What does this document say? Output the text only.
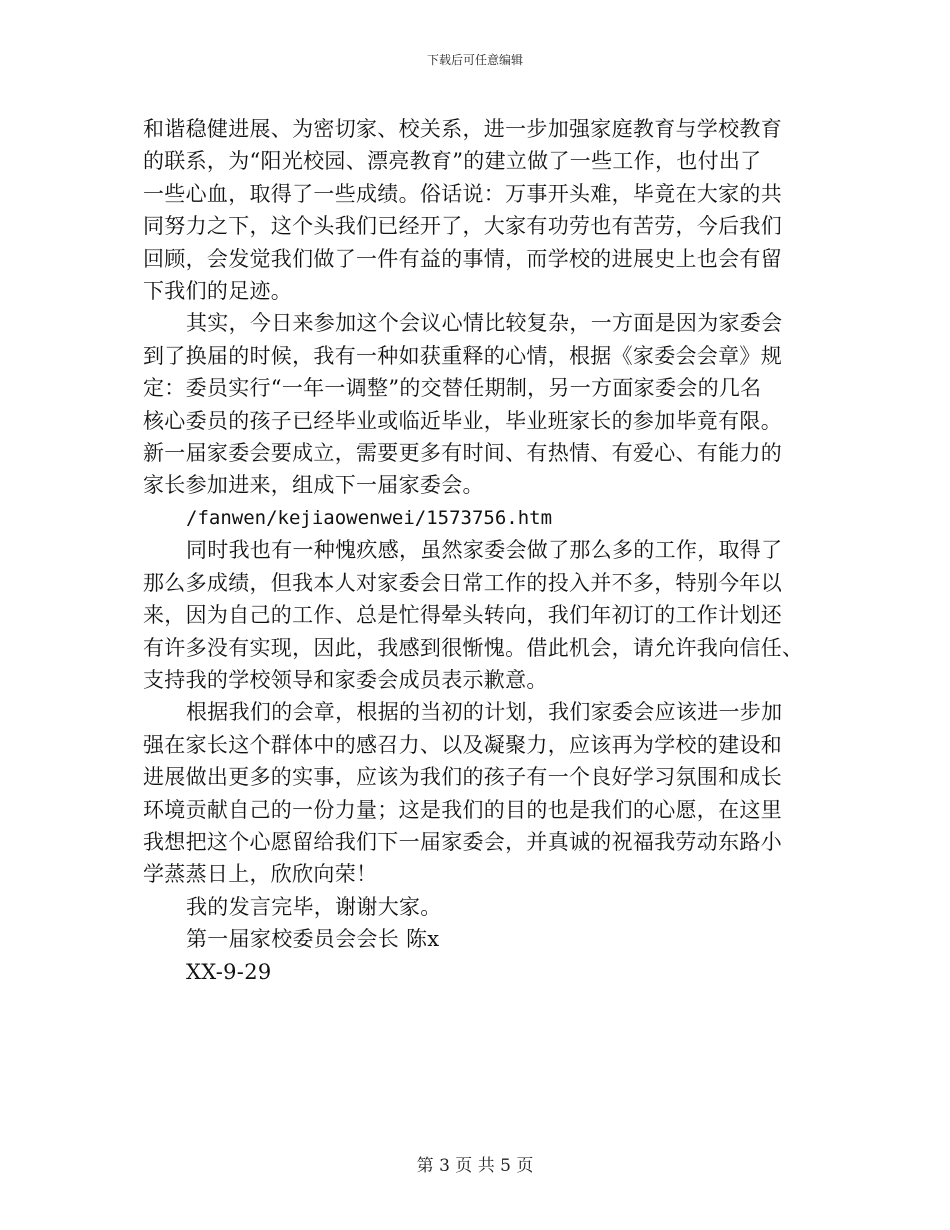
下载后可任意编辑
和谐稳健进展、为密切家、校关系，进一步加强家庭教育与学校教育
的联系，为“阳光校园、漂亮教育”的建立做了一些工作，也付出了
一些心血，取得了一些成绩。俗话说：万事开头难，毕竟在大家的共
同努力之下，这个头我们已经开了，大家有功劳也有苦劳，今后我们
回顾，会发觉我们做了一件有益的事情，而学校的进展史上也会有留
下我们的足迹。
其实，今日来参加这个会议心情比较复杂，一方面是因为家委会
到了换届的时候，我有一种如获重释的心情，根据《家委会会章》规
定：委员实行“一年一调整”的交替任期制，另一方面家委会的几名
核心委员的孩子已经毕业或临近毕业，毕业班家长的参加毕竟有限。
新一届家委会要成立，需要更多有时间、有热情、有爱心、有能力的
家长参加进来，组成下一届家委会。
/fanwen/kejiaowenwei/1573756.htm
同时我也有一种愧疚感，虽然家委会做了那么多的工作，取得了
那么多成绩，但我本人对家委会日常工作的投入并不多，特别今年以
来，因为自己的工作、总是忙得晕头转向，我们年初订的工作计划还
有许多没有实现，因此，我感到很惭愧。借此机会，请允许我向信任、
支持我的学校领导和家委会成员表示歉意。
根据我们的会章，根据的当初的计划，我们家委会应该进一步加
强在家长这个群体中的感召力、以及凝聚力，应该再为学校的建设和
进展做出更多的实事，应该为我们的孩子有一个良好学习氛围和成长
环境贡献自己的一份力量；这是我们的目的也是我们的心愿，在这里
我想把这个心愿留给我们下一届家委会，并真诚的祝福我劳动东路小
学蒸蒸日上，欣欣向荣！
我的发言完毕，谢谢大家。
第一届家校委员会会长 陈x
XX-9-29
第 3 页 共 5 页
